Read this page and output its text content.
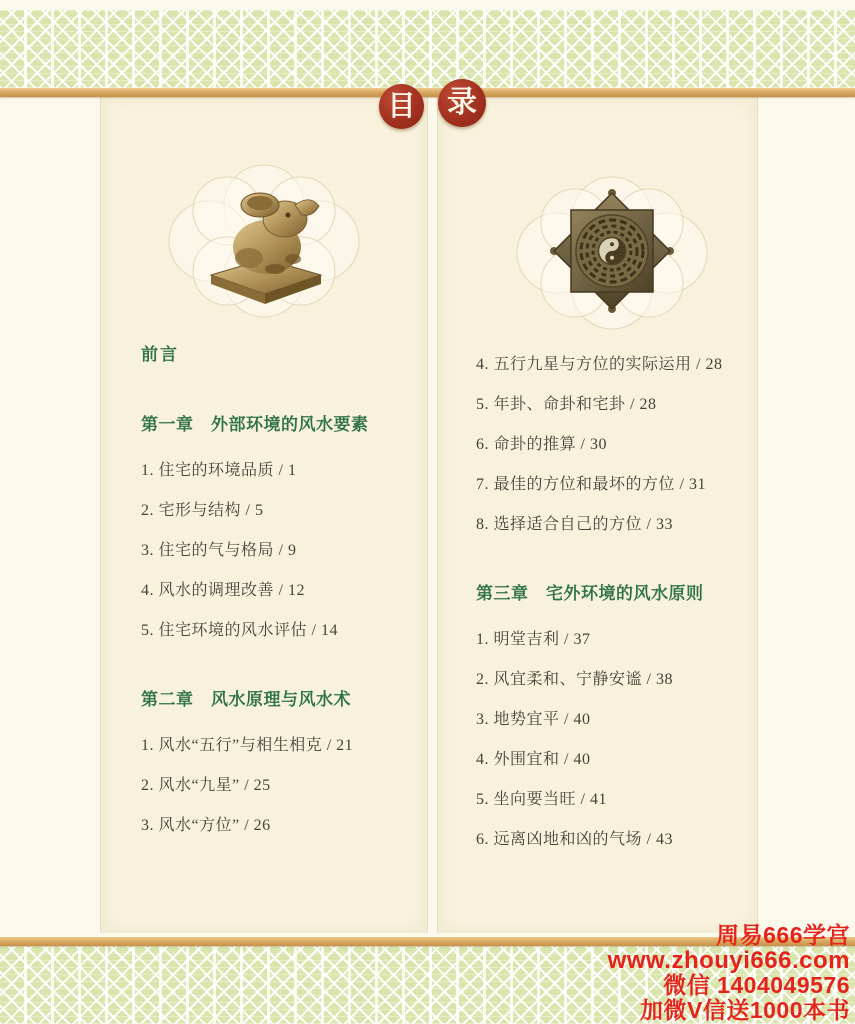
目 录
前言
第一章　外部环境的风水要素
1. 住宅的环境品质 / 1
2. 宅形与结构 / 5
3. 住宅的气与格局 / 9
4. 风水的调理改善 / 12
5. 住宅环境的风水评估 / 14
第二章　风水原理与风水术
1. 风水“五行”与相生相克 / 21
2. 风水“九星” / 25
3. 风水“方位” / 26
4. 五行九星与方位的实际运用 / 28
5. 年卦、命卦和宅卦 / 28
6. 命卦的推算 / 30
7. 最佳的方位和最坏的方位 / 31
8. 选择适合自己的方位 / 33
第三章　宅外环境的风水原则
1. 明堂吉利 / 37
2. 风宜柔和、宁静安谧 / 38
3. 地势宜平 / 40
4. 外围宜和 / 40
5. 坐向要当旺 / 41
6. 远离凶地和凶的气场 / 43
周易666学宫
www.zhouyi666.com
微信 1404049576
加微V信送1000本书
